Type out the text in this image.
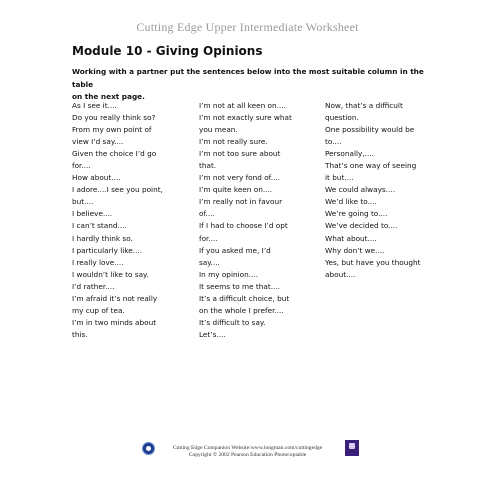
Cutting Edge Upper Intermediate Worksheet
Module 10 - Giving Opinions
Working with a partner put the sentences below into the most suitable column in the table
on the next page.
As I see it....
Do you really think so?
From my own point of
view I’d say....
Given the choice I’d go
for....
How about....
I adore....I see you point,
but....
I believe....
I can’t stand....
I hardly think so.
I particularly like....
I really love....
I wouldn’t like to say.
I’d rather....
I’m afraid it’s not really
my cup of tea.
I’m in two minds about
this.
I’m not at all keen on....
I’m not exactly sure what
you mean.
I’m not really sure.
I’m not too sure about
that.
I’m not very fond of....
I’m quite keen on....
I’m really not in favour
of....
If I had to choose I’d opt
for....
If you asked me, I’d
say....
In my opinion....
It seems to me that....
It’s a difficult choice, but
on the whole I prefer....
It’s difficult to say.
Let’s....
Now, that’s a difficult
question.
One possibility would be
to....
Personally,....
That’s one way of seeing
it but....
We could always....
We’d like to....
We’re going to....
We’ve decided to....
What about....
Why don’t we....
Yes, but have you thought
about....
Cutting Edge Companion Website:www.longman.com/cuttingedge
Copyright © 2002 Pearson Education Photocopiable
